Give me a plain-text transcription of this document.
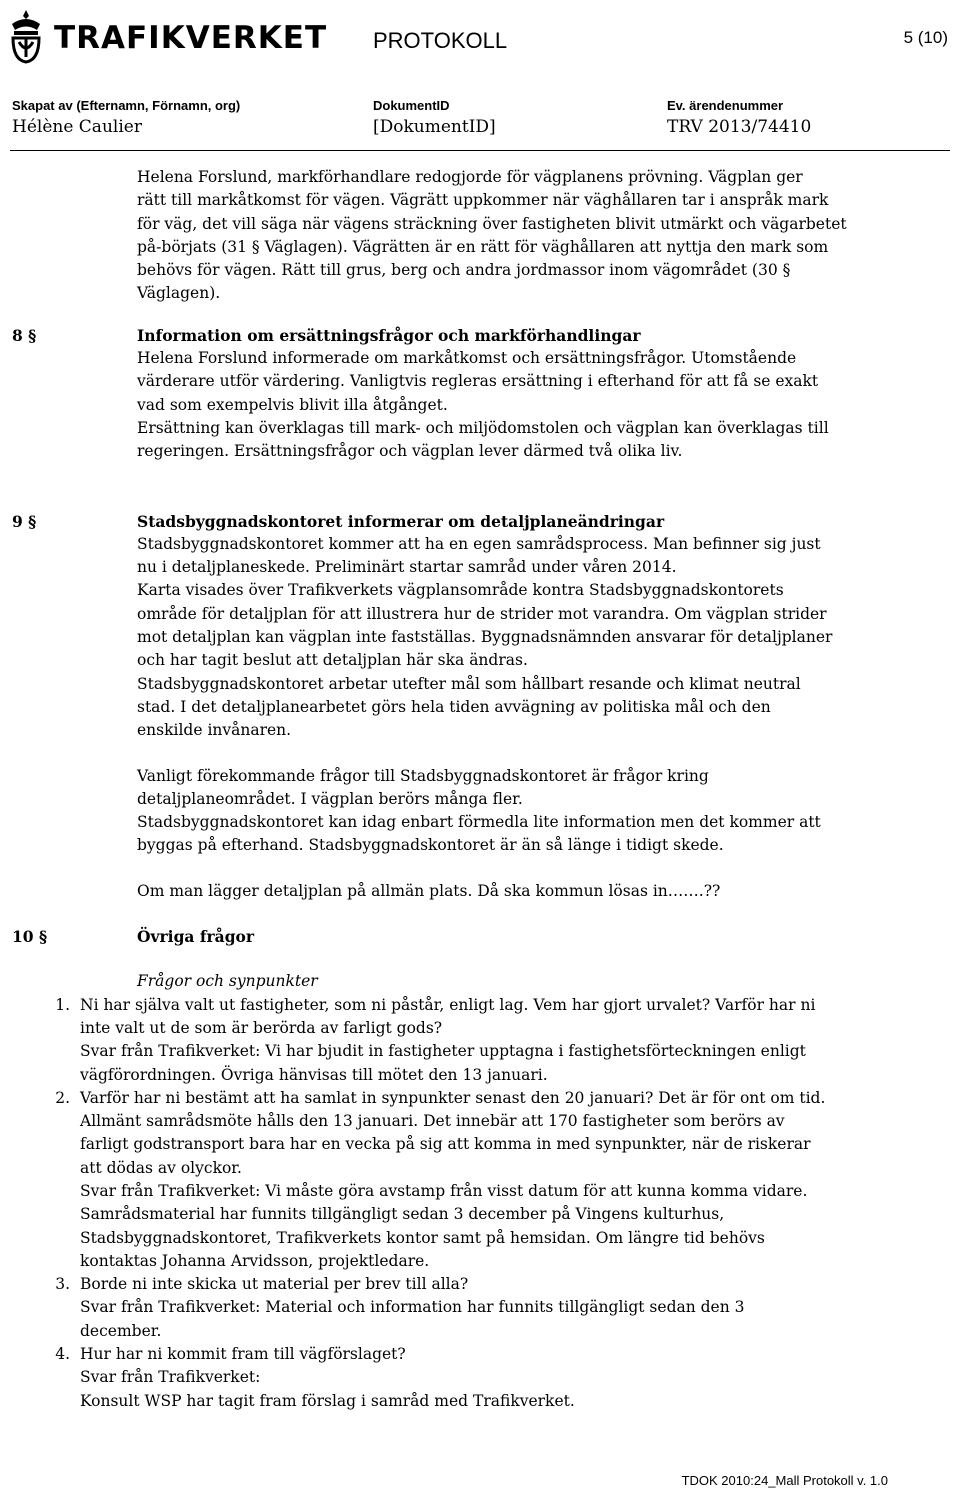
TRAFIKVERKET PROTOKOLL	5 (10)
Skapat av (Efternamn, Förnamn, org)
Hélène Caulier
DokumentID
[DokumentID]
Ev. ärendenummer
TRV 2013/74410
Helena Forslund, markförhandlare redogjorde för vägplanens prövning. Vägplan ger
rätt till markåtkomst för vägen. Vägrätt uppkommer när väghållaren tar i anspråk mark
för väg, det vill säga när vägens sträckning över fastigheten blivit utmärkt och vägarbetet
på-börjats (31 § Väglagen). Vägrätten är en rätt för väghållaren att nyttja den mark som
behövs för vägen. Rätt till grus, berg och andra jordmassor inom vägområdet (30 §
Väglagen).
8 §	Information om ersättningsfrågor och markförhandlingar
Helena Forslund informerade om markåtkomst och ersättningsfrågor. Utomstående
värderare utför värdering. Vanligtvis regleras ersättning i efterhand för att få se exakt
vad som exempelvis blivit illa åtgånget.
Ersättning kan överklagas till mark- och miljödomstolen och vägplan kan överklagas till
regeringen. Ersättningsfrågor och vägplan lever därmed två olika liv.
9 §	Stadsbyggnadskontoret informerar om detaljplaneändringar
Stadsbyggnadskontoret kommer att ha en egen samrådsprocess. Man befinner sig just
nu i detaljplaneskede. Preliminärt startar samråd under våren 2014.
Karta visades över Trafikverkets vägplansområde kontra Stadsbyggnadskontorets
område för detaljplan för att illustrera hur de strider mot varandra. Om vägplan strider
mot detaljplan kan vägplan inte fastställas. Byggnadsnämnden ansvarar för detaljplaner
och har tagit beslut att detaljplan här ska ändras.
Stadsbyggnadskontoret arbetar utefter mål som hållbart resande och klimat neutral
stad. I det detaljplanearbetet görs hela tiden avvägning av politiska mål och den
enskilde invånaren.
Vanligt förekommande frågor till Stadsbyggnadskontoret är frågor kring
detaljplaneområdet. I vägplan berörs många fler.
Stadsbyggnadskontoret kan idag enbart förmedla lite information men det kommer att
byggas på efterhand. Stadsbyggnadskontoret är än så länge i tidigt skede.
Om man lägger detaljplan på allmän plats. Då ska kommun lösas in…….??
10 §	Övriga frågor
Frågor och synpunkter
1. Ni har själva valt ut fastigheter, som ni påstår, enligt lag. Vem har gjort urvalet? Varför har ni
inte valt ut de som är berörda av farligt gods?
Svar från Trafikverket: Vi har bjudit in fastigheter upptagna i fastighetsförteckningen enligt
vägförordningen. Övriga hänvisas till mötet den 13 januari.
2. Varför har ni bestämt att ha samlat in synpunkter senast den 20 januari? Det är för ont om tid.
Allmänt samrådsmöte hålls den 13 januari. Det innebär att 170 fastigheter som berörs av
farligt godstransport bara har en vecka på sig att komma in med synpunkter, när de riskerar
att dödas av olyckor.
Svar från Trafikverket: Vi måste göra avstamp från visst datum för att kunna komma vidare.
Samrådsmaterial har funnits tillgängligt sedan 3 december på Vingens kulturhus,
Stadsbyggnadskontoret, Trafikverkets kontor samt på hemsidan. Om längre tid behövs
kontaktas Johanna Arvidsson, projektledare.
3. Borde ni inte skicka ut material per brev till alla?
Svar från Trafikverket: Material och information har funnits tillgängligt sedan den 3
december.
4. Hur har ni kommit fram till vägförslaget?
Svar från Trafikverket:
Konsult WSP har tagit fram förslag i samråd med Trafikverket.
TDOK 2010:24_Mall Protokoll v. 1.0
